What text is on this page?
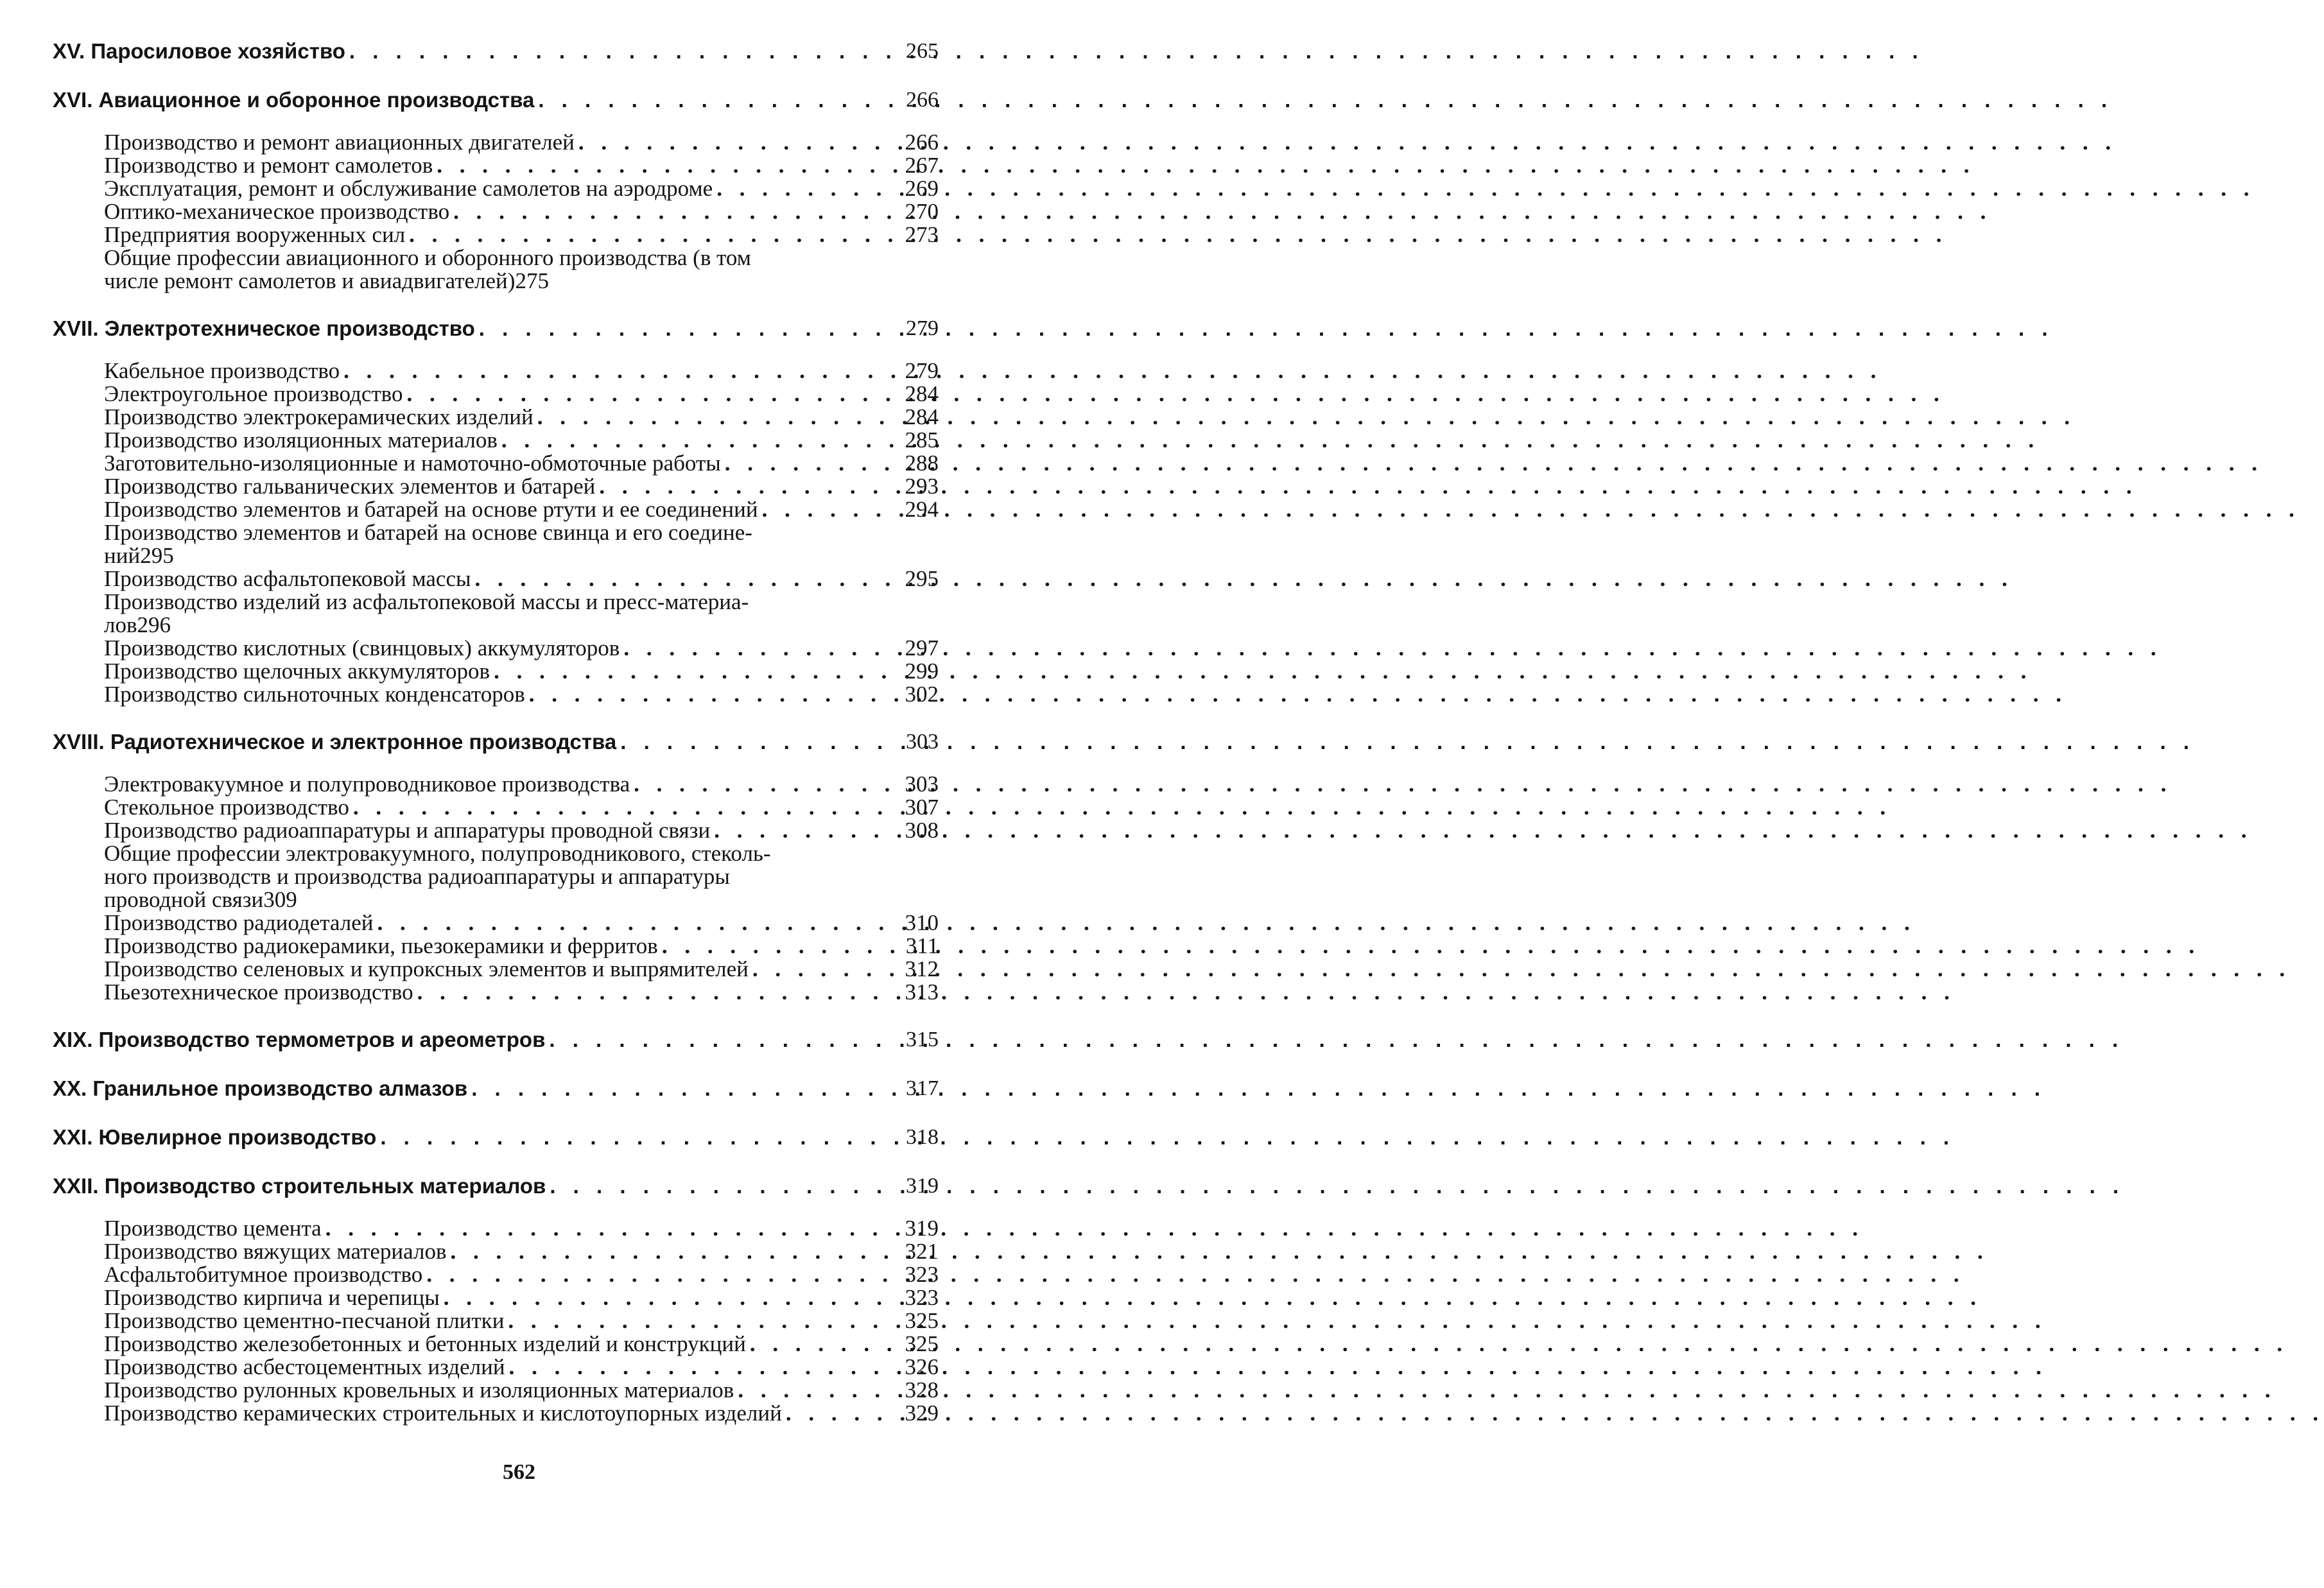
XV. Паросиловое хозяйство . . .	265
XVI. Авиационное и оборонное производства . . .	266
Производство и ремонт авиационных двигателей . . .	266
Производство и ремонт самолетов . . .	267
Эксплуатация, ремонт и обслуживание самолетов на аэродроме . . .	269
Оптико-механическое производство . . .	270
Предприятия вооруженных сил . . .	273
Общие профессии авиационного и оборонного производства (в том
числе ремонт самолетов и авиадвигателей) 275
XVII. Электротехническое производство . . .	279
Кабельное производство . . .	279
Электроугольное производство . . .	284
Производство электрокерамических изделий . . .	284
Производство изоляционных материалов . . .	285
Заготовительно-изоляционные и намоточно-обмоточные работы . . .	288
Производство гальванических элементов и батарей . . .	293
Производство элементов и батарей на основе ртути и ее соединений . . .	294
Производство элементов и батарей на основе свинца и его соедине-
ний 295
Производство асфальтопековой массы . . .	295
Производство изделий из асфальтопековой массы и пресс-материа-
лов 296
Производство кислотных (свинцовых) аккумуляторов . . .	297
Производство щелочных аккумуляторов . . .	299
Производство сильноточных конденсаторов . . .	302
XVIII. Радиотехническое и электронное производства . . .	303
Электровакуумное и полупроводниковое производства . . .	303
Стекольное производство . . .	307
Производство радиоаппаратуры и аппаратуры проводной связи . . .	308
Общие профессии электровакуумного, полупроводникового, стеколь-
ного производств и производства радиоаппаратуры и аппаратуры
проводной связи 309
Производство радиодеталей . . .	310
Производство радиокерамики, пьезокерамики и ферритов . . .	311
Производство селеновых и купроксных элементов и выпрямителей . . .	312
Пьезотехническое производство . . .	313
XIX. Производство термометров и ареометров . . .	315
XX. Гранильное производство алмазов . . .	317
XXI. Ювелирное производство . . .	318
XXII. Производство строительных материалов . . .	319
Производство цемента . . .	319
Производство вяжущих материалов . . .	321
Асфальтобитумное производство . . .	323
Производство кирпича и черепицы . . .	323
Производство цементно-песчаной плитки . . .	325
Производство железобетонных и бетонных изделий и конструкций . . .	325
Производство асбестоцементных изделий . . .	326
Производство рулонных кровельных и изоляционных материалов . . .	328
Производство керамических строительных и кислотоупорных изделий . . .	329
562
